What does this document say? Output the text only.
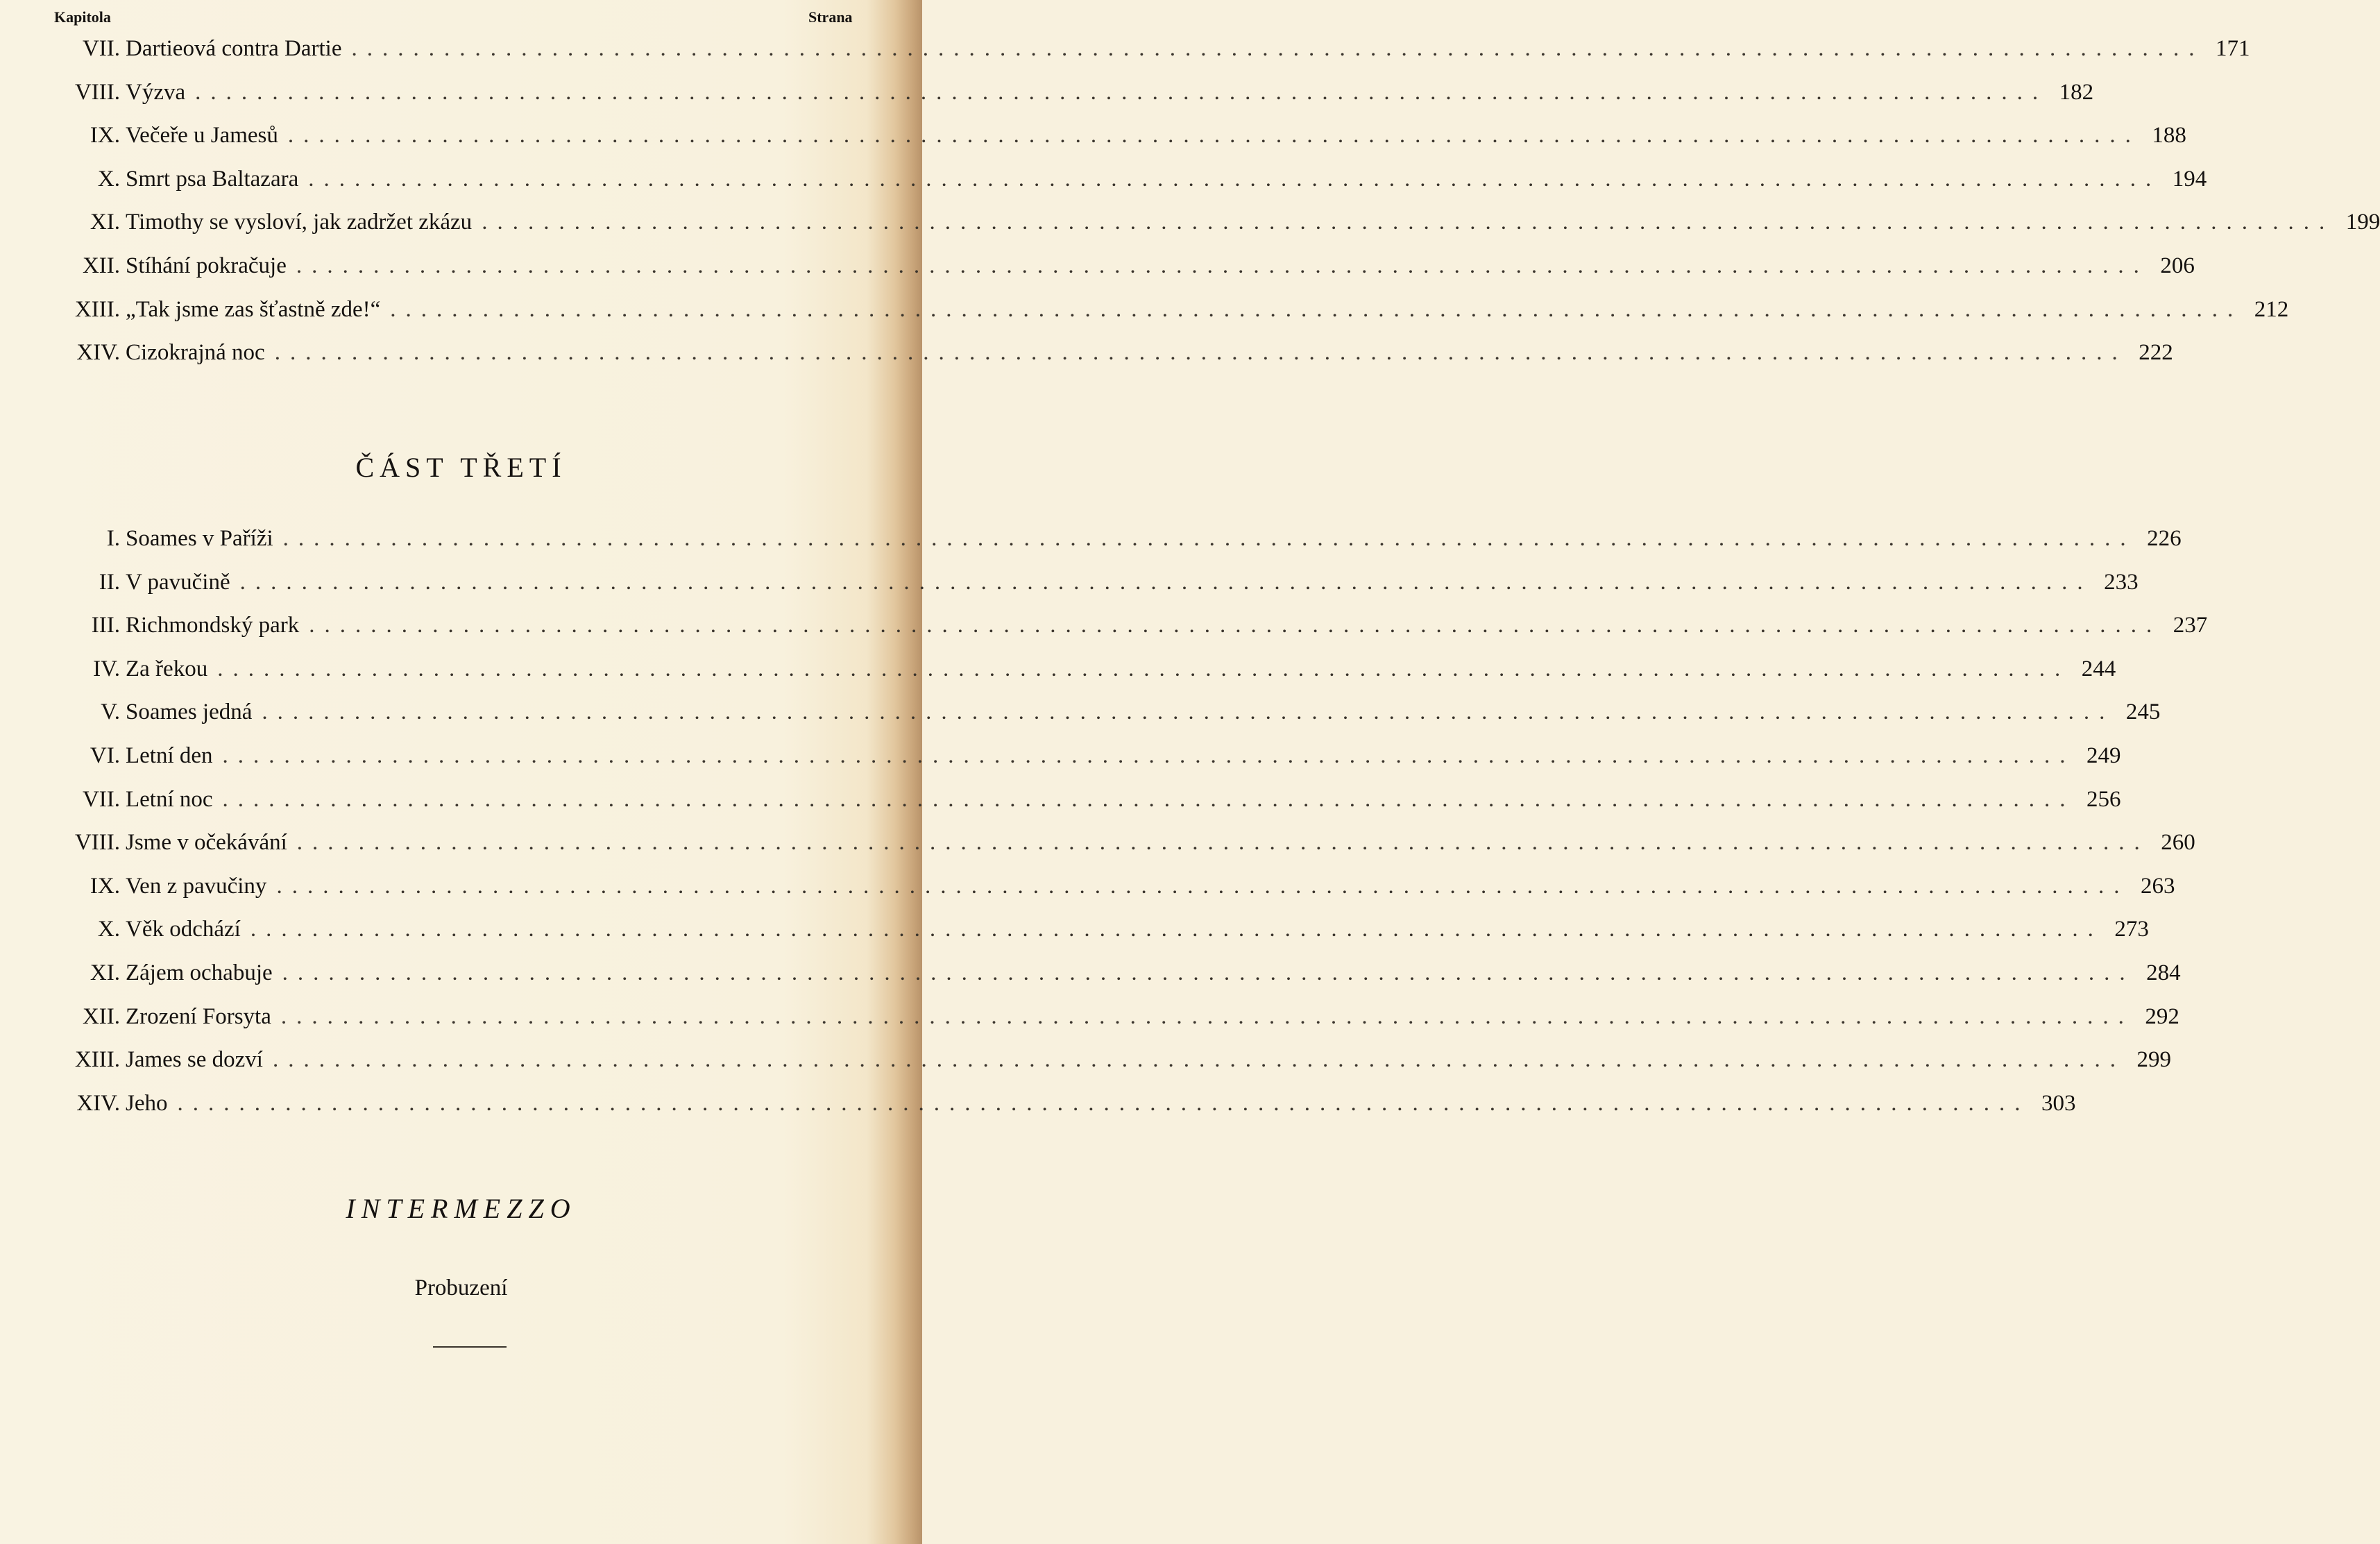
Kapitola	Strana
VII. Dartieová contra Dartie ........................................................................................................................ 171
VIII. Výzva ........................................................................................................................ 182
IX. Večeře u Jamesů ........................................................................................................................ 188
X. Smrt psa Baltazara ........................................................................................................................ 194
XI. Timothy se vysloví, jak zadržet zkázu ........................................................................................................................ 199
XII. Stíhání pokračuje ........................................................................................................................ 206
XIII. „Tak jsme zas šťastně zde!“ ........................................................................................................................ 212
XIV. Cizokrajná noc ........................................................................................................................ 222
ČÁST TŘETÍ
I. Soames v Paříži ........................................................................................................................ 226
II. V pavučině ........................................................................................................................ 233
III. Richmondský park ........................................................................................................................ 237
IV. Za řekou ........................................................................................................................ 244
V. Soames jedná ........................................................................................................................ 245
VI. Letní den ........................................................................................................................ 249
VII. Letní noc ........................................................................................................................ 256
VIII. Jsme v očekávání ........................................................................................................................ 260
IX. Ven z pavučiny ........................................................................................................................ 263
X. Věk odchází ........................................................................................................................ 273
XI. Zájem ochabuje ........................................................................................................................ 284
XII. Zrození Forsyta ........................................................................................................................ 292
XIII. James se dozví ........................................................................................................................ 299
XIV. Jeho ........................................................................................................................ 303
INTERMEZZO
Probuzení
